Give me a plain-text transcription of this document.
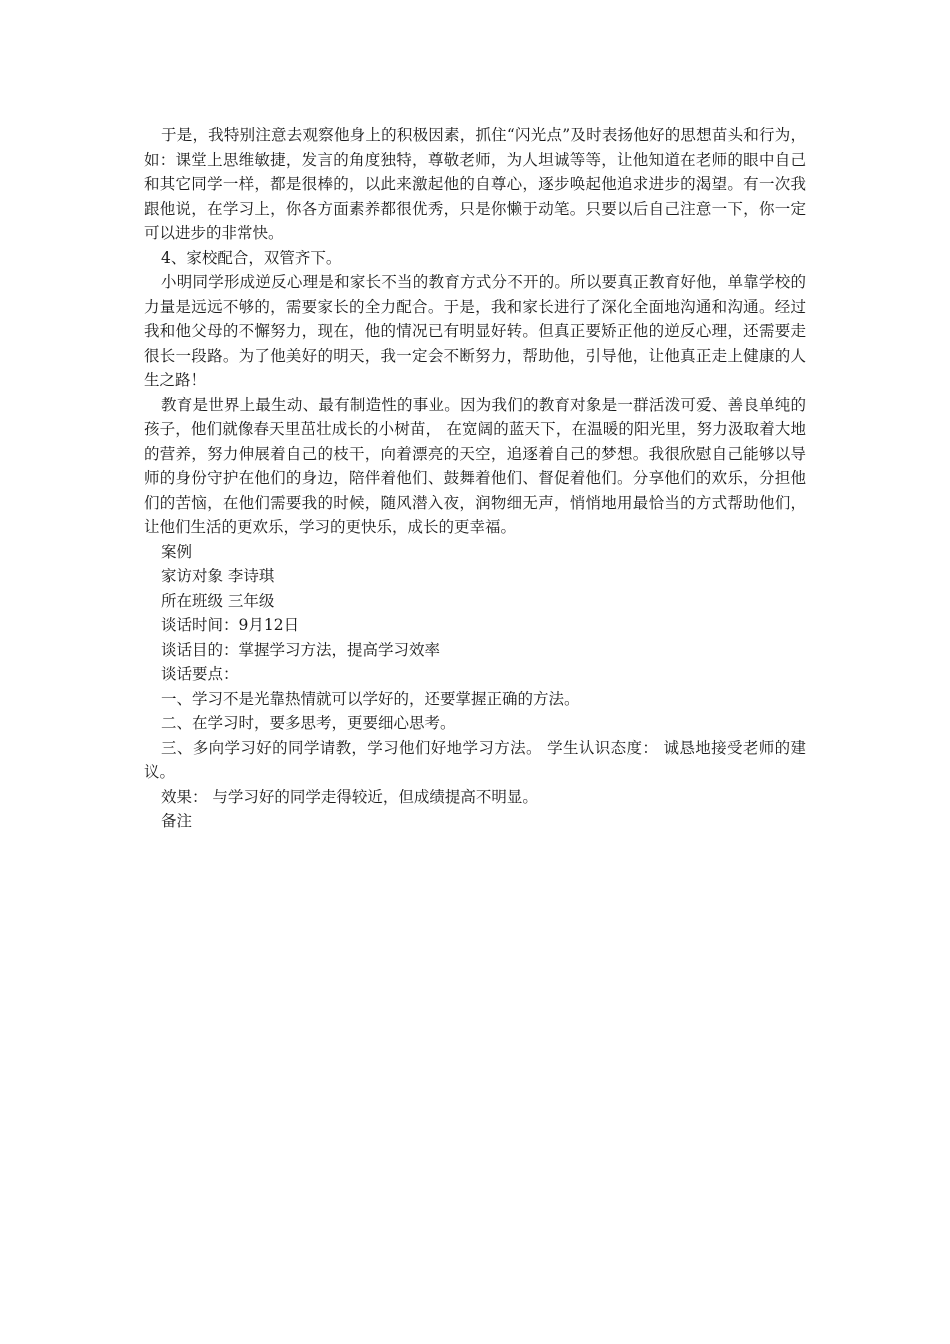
于是，我特别注意去观察他身上的积极因素，抓住“闪光点”及时表扬他好的思想苗头和行为，如：课堂上思维敏捷，发言的角度独特，尊敬老师，为人坦诚等等，让他知道在老师的眼中自己和其它同学一样，都是很棒的，以此来激起他的自尊心，逐步唤起他追求进步的渴望。有一次我跟他说，在学习上，你各方面素养都很优秀，只是你懒于动笔。只要以后自己注意一下，你一定可以进步的非常快。

4、家校配合，双管齐下。

小明同学形成逆反心理是和家长不当的教育方式分不开的。所以要真正教育好他，单靠学校的力量是远远不够的，需要家长的全力配合。于是，我和家长进行了深化全面地沟通和沟通。经过我和他父母的不懈努力，现在，他的情况已有明显好转。但真正要矫正他的逆反心理，还需要走很长一段路。为了他美好的明天，我一定会不断努力，帮助他，引导他，让他真正走上健康的人生之路！

教育是世界上最生动、最有制造性的事业。因为我们的教育对象是一群活泼可爱、善良单纯的孩子，他们就像春天里茁壮成长的小树苗， 在宽阔的蓝天下，在温暖的阳光里，努力汲取着大地的营养，努力伸展着自己的枝干，向着漂亮的天空，追逐着自己的梦想。我很欣慰自己能够以导师的身份守护在他们的身边，陪伴着他们、鼓舞着他们、督促着他们。分享他们的欢乐，分担他们的苦恼，在他们需要我的时候，随风潜入夜，润物细无声，悄悄地用最恰当的方式帮助他们，让他们生活的更欢乐，学习的更快乐，成长的更幸福。

案例

家访对象 李诗琪

所在班级 三年级

谈话时间：9月12日

谈话目的：掌握学习方法，提高学习效率

谈话要点：

一、学习不是光靠热情就可以学好的，还要掌握正确的方法。

二、在学习时，要多思考，更要细心思考。

三、多向学习好的同学请教，学习他们好地学习方法。 学生认识态度： 诚恳地接受老师的建议。

效果： 与学习好的同学走得较近，但成绩提高不明显。

备注
